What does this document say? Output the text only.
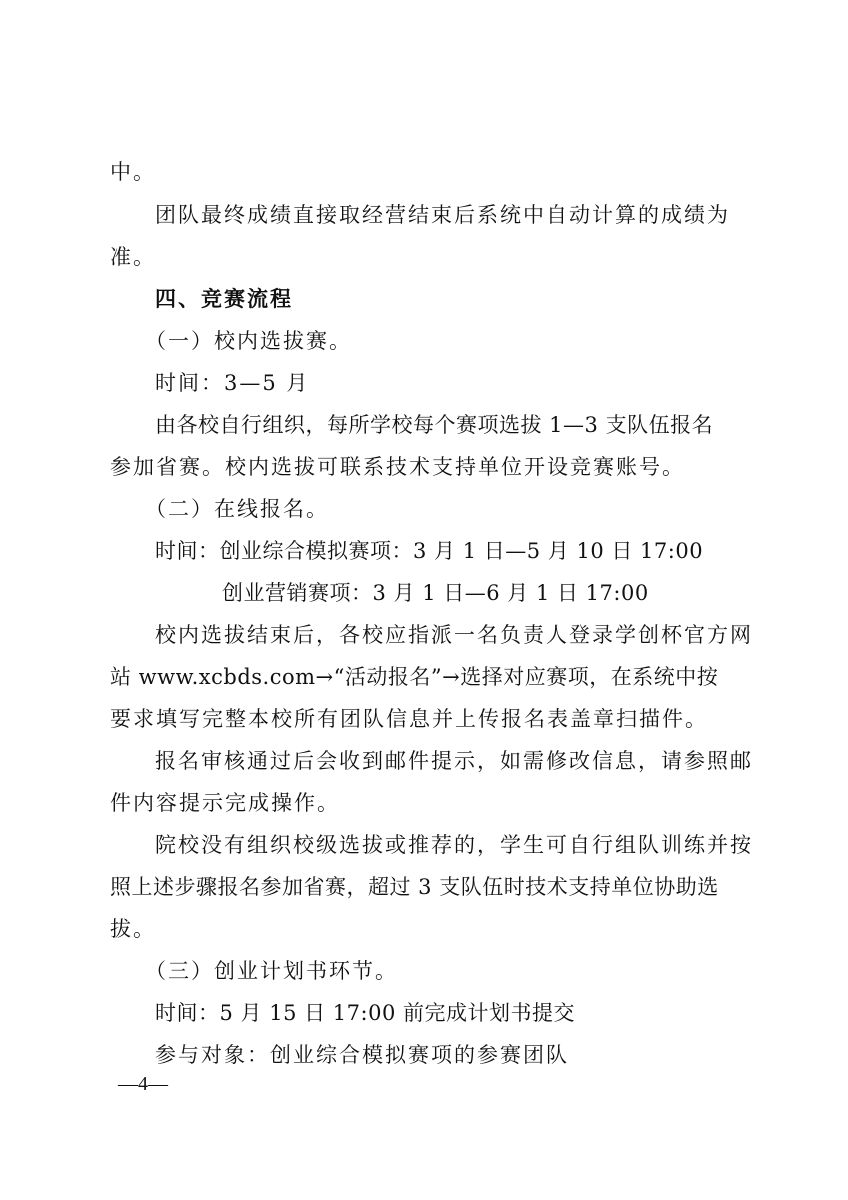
中。

团队最终成绩直接取经营结束后系统中自动计算的成绩为

准。

四、竞赛流程

（一）校内选拔赛。

时间：3—5 月

由各校自行组织，每所学校每个赛项选拔 1—3 支队伍报名

参加省赛。校内选拔可联系技术支持单位开设竞赛账号。

（二）在线报名。

时间：创业综合模拟赛项：3 月 1 日—5 月 10 日 17:00

创业营销赛项：3 月 1 日—6 月 1 日 17:00

校内选拔结束后，各校应指派一名负责人登录学创杯官方网

站 www.xcbds.com→“活动报名”→选择对应赛项，在系统中按

要求填写完整本校所有团队信息并上传报名表盖章扫描件。

报名审核通过后会收到邮件提示，如需修改信息，请参照邮

件内容提示完成操作。

院校没有组织校级选拔或推荐的，学生可自行组队训练并按

照上述步骤报名参加省赛，超过 3 支队伍时技术支持单位协助选

拔。

（三）创业计划书环节。

时间：5 月 15 日 17:00 前完成计划书提交

参与对象：创业综合模拟赛项的参赛团队

—4—
